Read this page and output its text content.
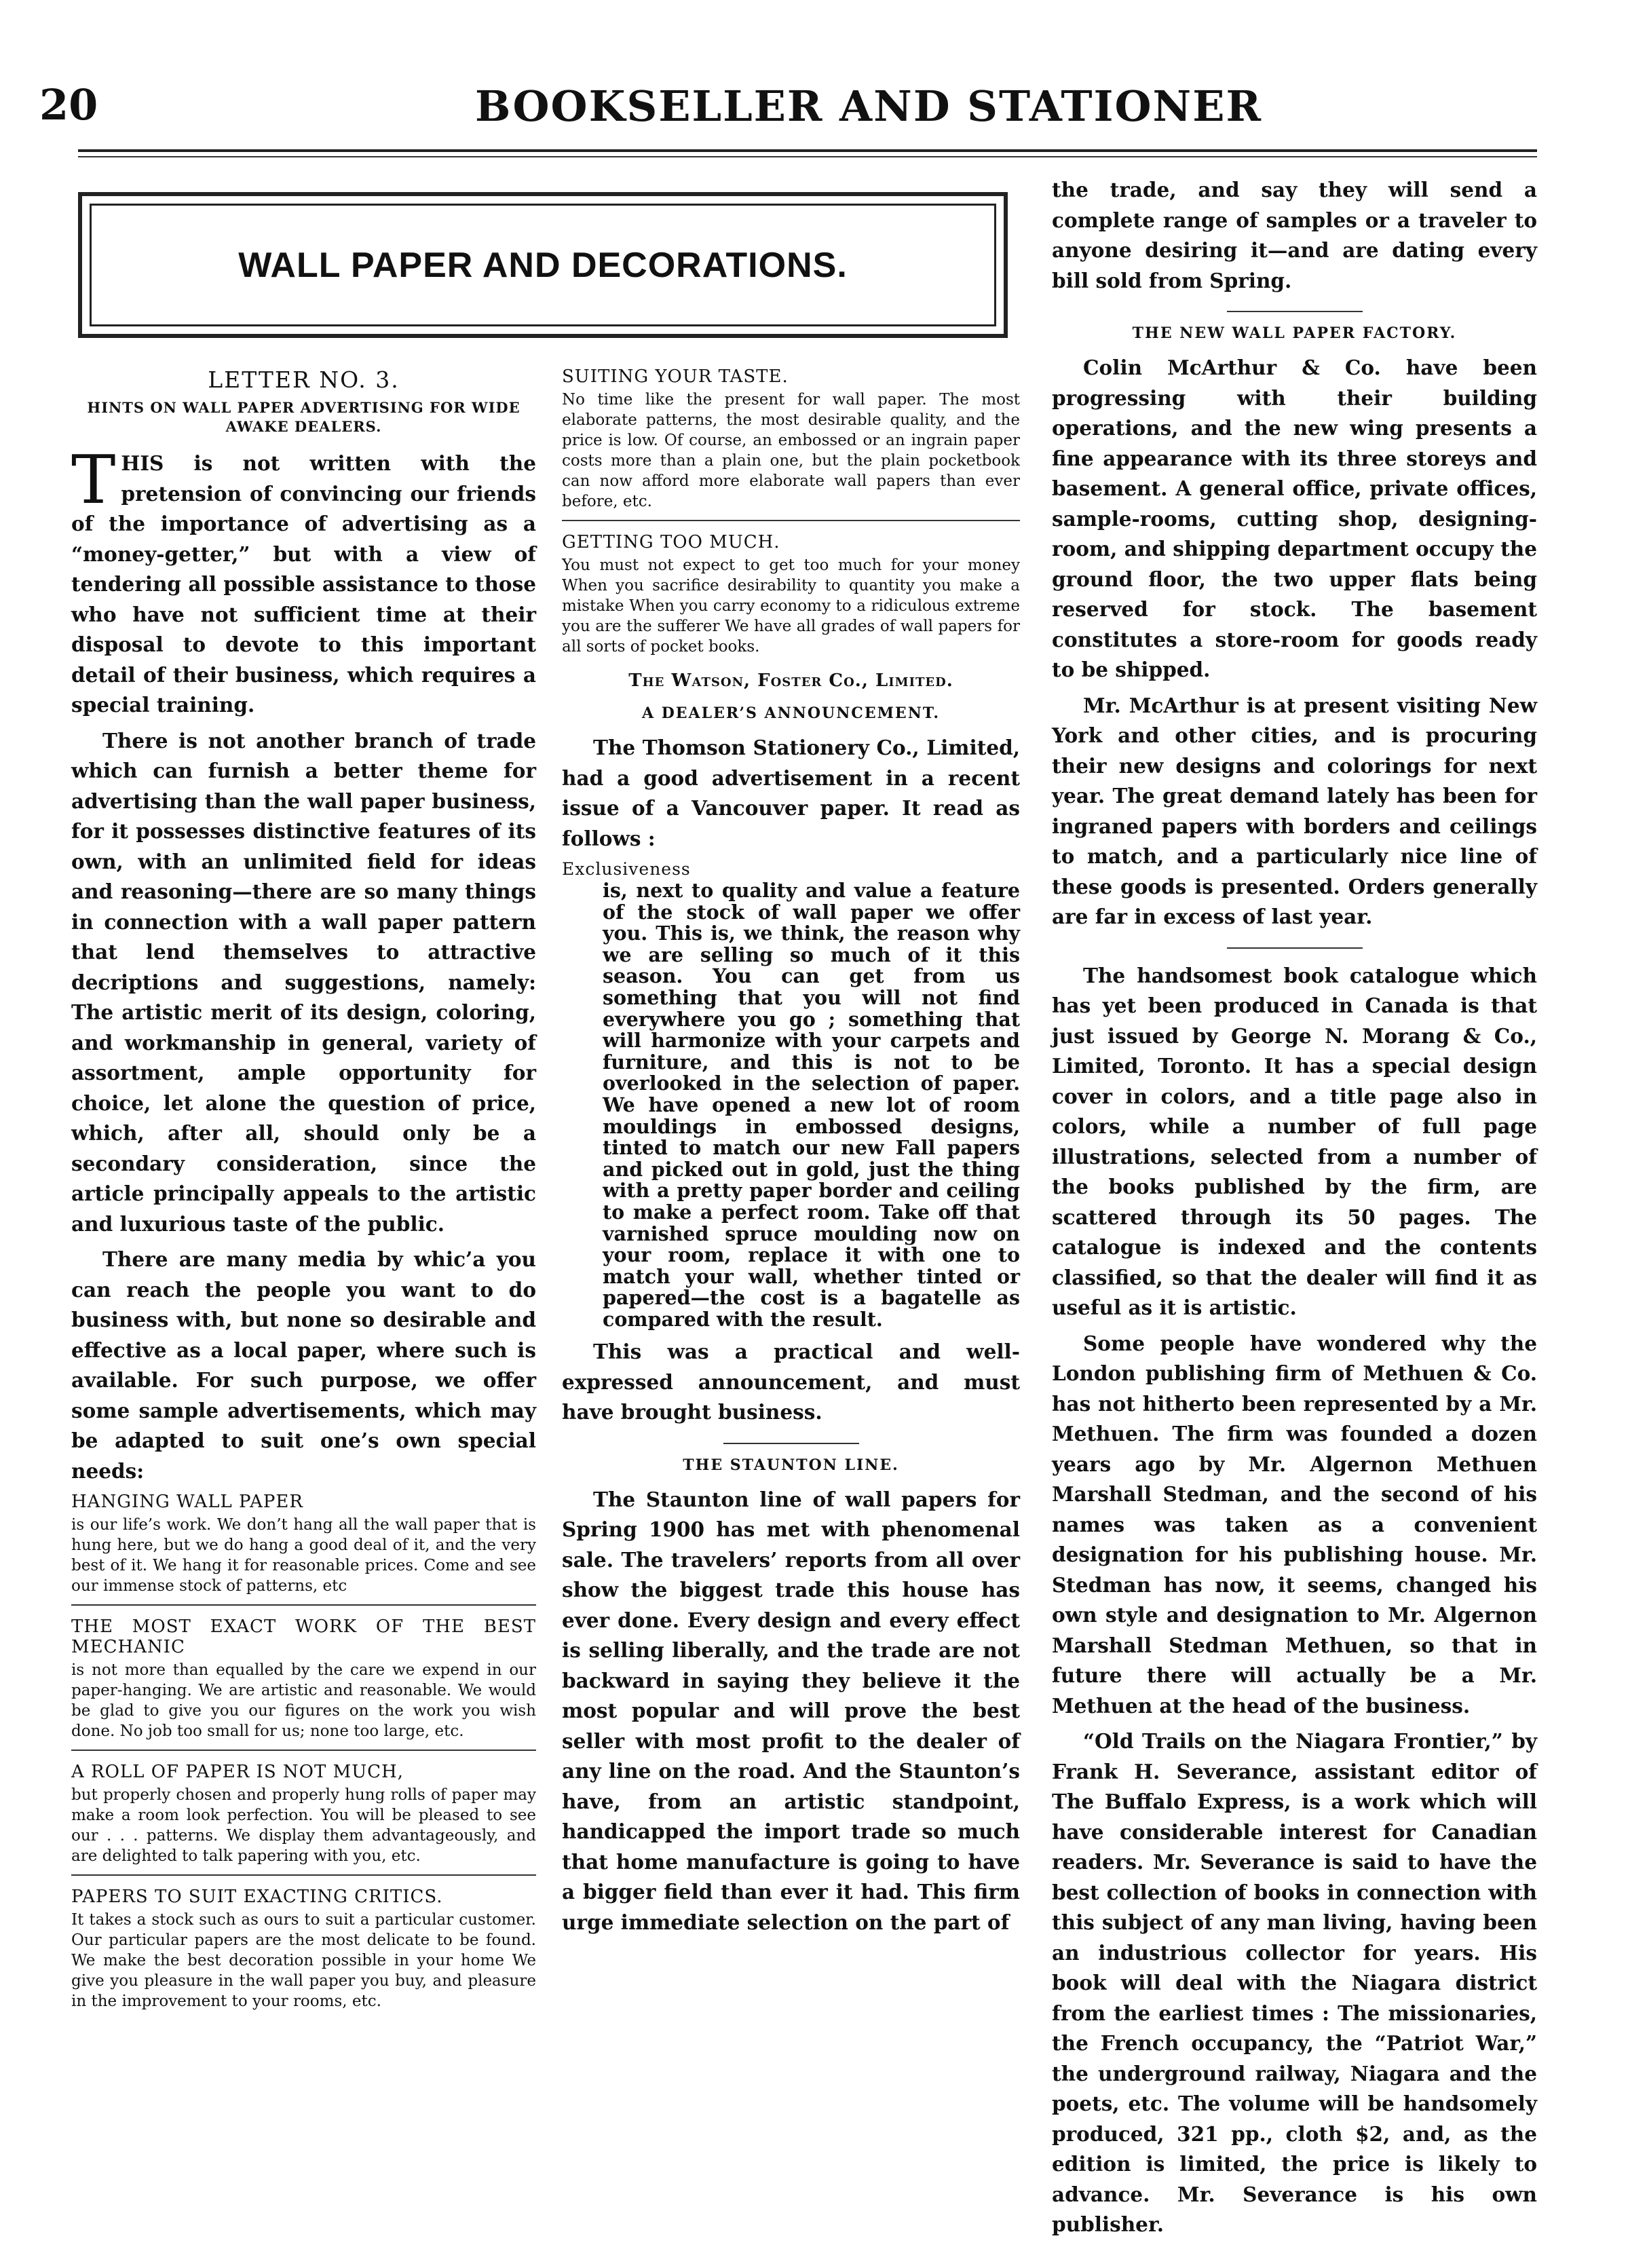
20	BOOKSELLER AND STATIONER
WALL PAPER AND DECORATIONS.
LETTER NO. 3.
HINTS ON WALL PAPER ADVERTISING FOR WIDE AWAKE DEALERS.

THIS is not written with the pretension of convincing our friends of the importance of advertising as a “money-getter,” but with a view of tendering all possible assistance to those who have not sufficient time at their disposal to devote to this important detail of their business, which requires a special training.

There is not another branch of trade which can furnish a better theme for advertising than the wall paper business, for it possesses distinctive features of its own, with an unlimited field for ideas and reasoning—there are so many things in connection with a wall paper pattern that lend themselves to attractive decriptions and suggestions, namely: The artistic merit of its design, coloring, and workmanship in general, variety of assortment, ample opportunity for choice, let alone the question of price, which, after all, should only be a secondary consideration, since the article principally appeals to the artistic and luxurious taste of the public.

There are many media by whic’a you can reach the people you want to do business with, but none so desirable and effective as a local paper, where such is available. For such purpose, we offer some sample advertisements, which may be adapted to suit one’s own special needs:

HANGING WALL PAPER
is our life’s work. We don’t hang all the wall paper that is hung here, but we do hang a good deal of it, and the very best of it. We hang it for reasonable prices. Come and see our immense stock of patterns, etc
THE MOST EXACT WORK OF THE BEST MECHANIC
is not more than equalled by the care we expend in our paper-hanging. We are artistic and reasonable. We would be glad to give you our figures on the work you wish done. No job too small for us; none too large, etc.
A ROLL OF PAPER IS NOT MUCH,
but properly chosen and properly hung rolls of paper may make a room look perfection. You will be pleased to see our . . . patterns. We display them advantageously, and are delighted to talk papering with you, etc.
PAPERS TO SUIT EXACTING CRITICS.
It takes a stock such as ours to suit a particular customer. Our particular papers are the most delicate to be found. We make the best decoration possible in your home We give you pleasure in the wall paper you buy, and pleasure in the improvement to your rooms, etc.
SUITING YOUR TASTE.
No time like the present for wall paper. The most elaborate patterns, the most desirable quality, and the price is low. Of course, an embossed or an ingrain paper costs more than a plain one, but the plain pocketbook can now afford more elaborate wall papers than ever before, etc.
GETTING TOO MUCH.
You must not expect to get too much for your money When you sacrifice desirability to quantity you make a mistake When you carry economy to a ridiculous extreme you are the sufferer We have all grades of wall papers for all sorts of pocket books.
The Watson, Foster Co., Limited.
A DEALER’S ANNOUNCEMENT.

The Thomson Stationery Co., Limited, had a good advertisement in a recent issue of a Vancouver paper. It read as follows :

Exclusiveness
is, next to quality and value a feature of the stock of wall paper we offer you. This is, we think, the reason why we are selling so much of it this season. You can get from us something that you will not find everywhere you go ; something that will harmonize with your carpets and furniture, and this is not to be overlooked in the selection of paper. We have opened a new lot of room mouldings in embossed designs, tinted to match our new Fall papers and picked out in gold, just the thing with a pretty paper border and ceiling to make a perfect room. Take off that varnished spruce moulding now on your room, replace it with one to match your wall, whether tinted or papered—the cost is a bagatelle as compared with the result.

This was a practical and well-expressed announcement, and must have brought business.

THE STAUNTON LINE.

The Staunton line of wall papers for Spring 1900 has met with phenomenal sale. The travelers’ reports from all over show the biggest trade this house has ever done. Every design and every effect is selling liberally, and the trade are not backward in saying they believe it the most popular and will prove the best seller with most profit to the dealer of any line on the road. And the Staunton’s have, from an artistic standpoint, handicapped the import trade so much that home manufacture is going to have a bigger field than ever it had. This firm urge immediate selection on the part of

the trade, and say they will send a complete range of samples or a traveler to anyone desiring it—and are dating every bill sold from Spring.

THE NEW WALL PAPER FACTORY.

Colin McArthur & Co. have been progressing with their building operations, and the new wing presents a fine appearance with its three storeys and basement. A general office, private offices, sample-rooms, cutting shop, designing-room, and shipping department occupy the ground floor, the two upper flats being reserved for stock. The basement constitutes a store-room for goods ready to be shipped.

Mr. McArthur is at present visiting New York and other cities, and is procuring their new designs and colorings for next year. The great demand lately has been for ingraned papers with borders and ceilings to match, and a particularly nice line of these goods is presented. Orders generally are far in excess of last year.

The handsomest book catalogue which has yet been produced in Canada is that just issued by George N. Morang & Co., Limited, Toronto. It has a special design cover in colors, and a title page also in colors, while a number of full page illustrations, selected from a number of the books published by the firm, are scattered through its 50 pages. The catalogue is indexed and the contents classified, so that the dealer will find it as useful as it is artistic.

Some people have wondered why the London publishing firm of Methuen & Co. has not hitherto been represented by a Mr. Methuen. The firm was founded a dozen years ago by Mr. Algernon Methuen Marshall Stedman, and the second of his names was taken as a convenient designation for his publishing house. Mr. Stedman has now, it seems, changed his own style and designation to Mr. Algernon Marshall Stedman Methuen, so that in future there will actually be a Mr. Methuen at the head of the business.

“Old Trails on the Niagara Frontier,” by Frank H. Severance, assistant editor of The Buffalo Express, is a work which will have considerable interest for Canadian readers. Mr. Severance is said to have the best collection of books in connection with this subject of any man living, having been an industrious collector for years. His book will deal with the Niagara district from the earliest times : The missionaries, the French occupancy, the “Patriot War,” the underground railway, Niagara and the poets, etc. The volume will be handsomely produced, 321 pp., cloth $2, and, as the edition is limited, the price is likely to advance. Mr. Severance is his own publisher.
